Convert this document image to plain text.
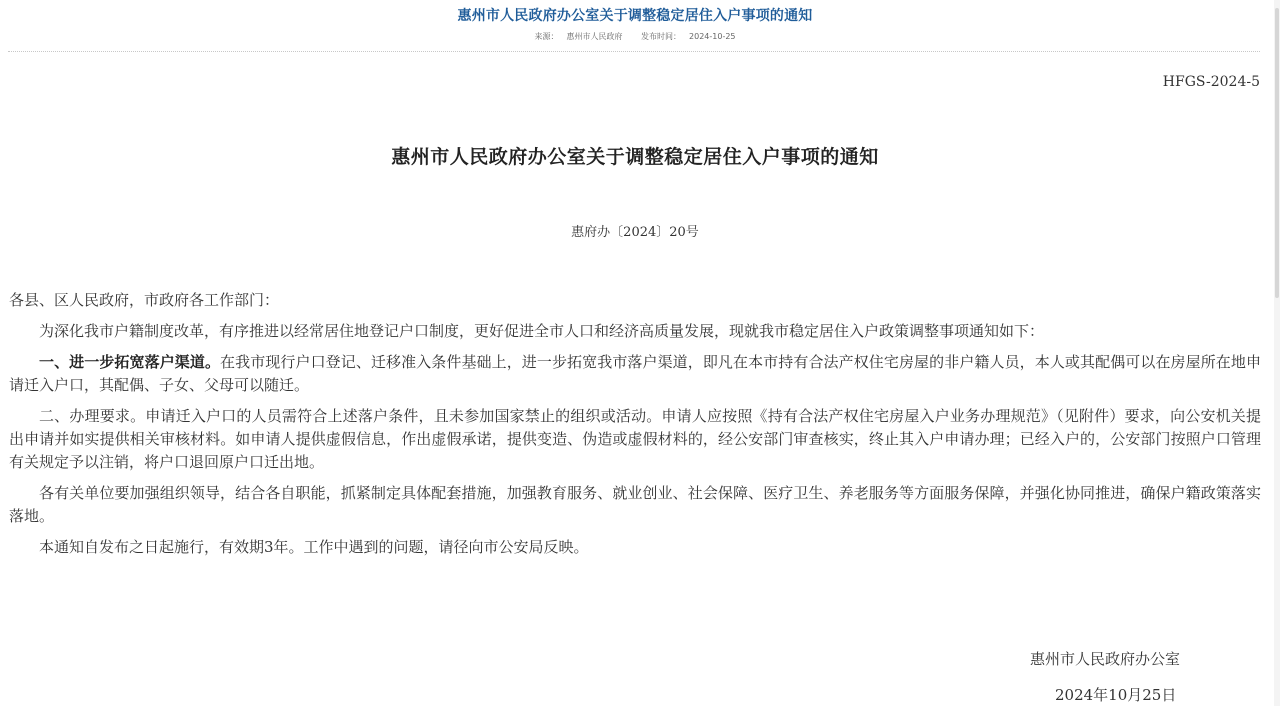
惠州市人民政府办公室关于调整稳定居住入户事项的通知
来源： 惠州市人民政府 发布时间： 2024-10-25
HFGS-2024-5
惠州市人民政府办公室关于调整稳定居住入户事项的通知
惠府办〔2024〕20号

各县、区人民政府，市政府各工作部门：

为深化我市户籍制度改革，有序推进以经常居住地登记户口制度，更好促进全市人口和经济高质量发展，现就我市稳定居住入户政策调整事项通知如下：

一、进一步拓宽落户渠道。在我市现行户口登记、迁移准入条件基础上，进一步拓宽我市落户渠道，即凡在本市持有合法产权住宅房屋的非户籍人员，本人或其配偶可以在房屋所在地申请迁入户口，其配偶、子女、父母可以随迁。

二、办理要求。申请迁入户口的人员需符合上述落户条件，且未参加国家禁止的组织或活动。申请人应按照《持有合法产权住宅房屋入户业务办理规范》（见附件）要求，向公安机关提出申请并如实提供相关审核材料。如申请人提供虚假信息，作出虚假承诺，提供变造、伪造或虚假材料的，经公安部门审查核实，终止其入户申请办理；已经入户的，公安部门按照户口管理有关规定予以注销，将户口退回原户口迁出地。

各有关单位要加强组织领导，结合各自职能，抓紧制定具体配套措施，加强教育服务、就业创业、社会保障、医疗卫生、养老服务等方面服务保障，并强化协同推进，确保户籍政策落实落地。

本通知自发布之日起施行，有效期3年。工作中遇到的问题，请径向市公安局反映。

惠州市人民政府办公室
2024年10月25日
